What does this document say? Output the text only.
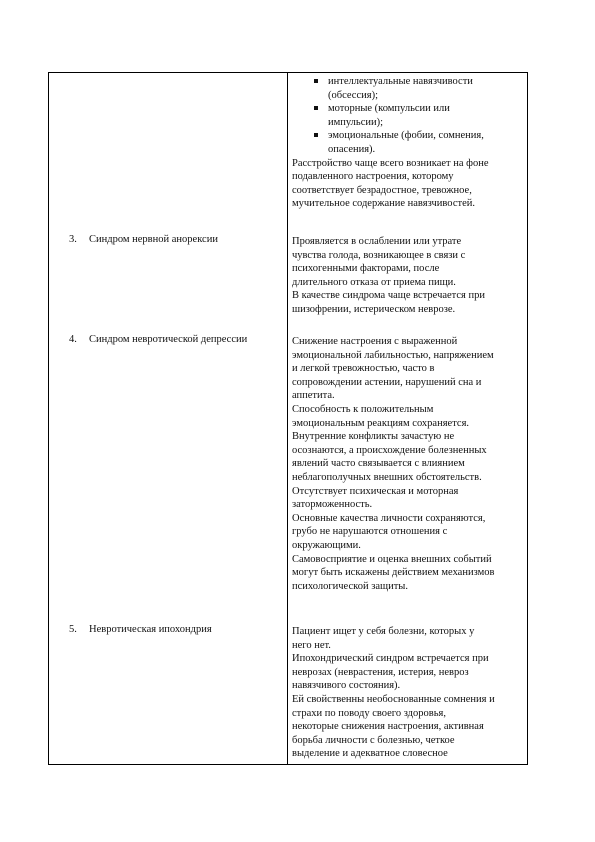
интеллектуальные навязчивости
(обсессия);
моторные (компульсии или
импульсии);
эмоциональные (фобии, сомнения,
опасения).
Расстройство чаще всего возникает на фоне
подавленного настроения, которому
соответствует безрадостное, тревожное,
мучительное содержание навязчивостей.
3. Синдром нервной анорексии	Проявляется в ослаблении или утрате
чувства голода, возникающее в связи с
психогенными факторами, после
длительного отказа от приема пищи.
В качестве синдрома чаще встречается при
шизофрении, истерическом неврозе.
4. Синдром невротической депрессии	Снижение настроения с выраженной
эмоциональной лабильностью, напряжением
и легкой тревожностью, часто в
сопровождении астении, нарушений сна и
аппетита.
Способность к положительным
эмоциональным реакциям сохраняется.
Внутренние конфликты зачастую не
осознаются, а происхождение болезненных
явлений часто связывается с влиянием
неблагополучных внешних обстоятельств.
Отсутствует психическая и моторная
заторможенность.
Основные качества личности сохраняются,
грубо не нарушаются отношения с
окружающими.
Самовосприятие и оценка внешних событий
могут быть искажены действием механизмов
психологической защиты.
5. Невротическая ипохондрия	Пациент ищет у себя болезни, которых у
него нет.
Ипохондрический синдром встречается при
неврозах (неврастения, истерия, невроз
навязчивого состояния).
Ей свойственны необоснованные сомнения и
страхи по поводу своего здоровья,
некоторые снижения настроения, активная
борьба личности с болезнью, четкое
выделение и адекватное словесное
